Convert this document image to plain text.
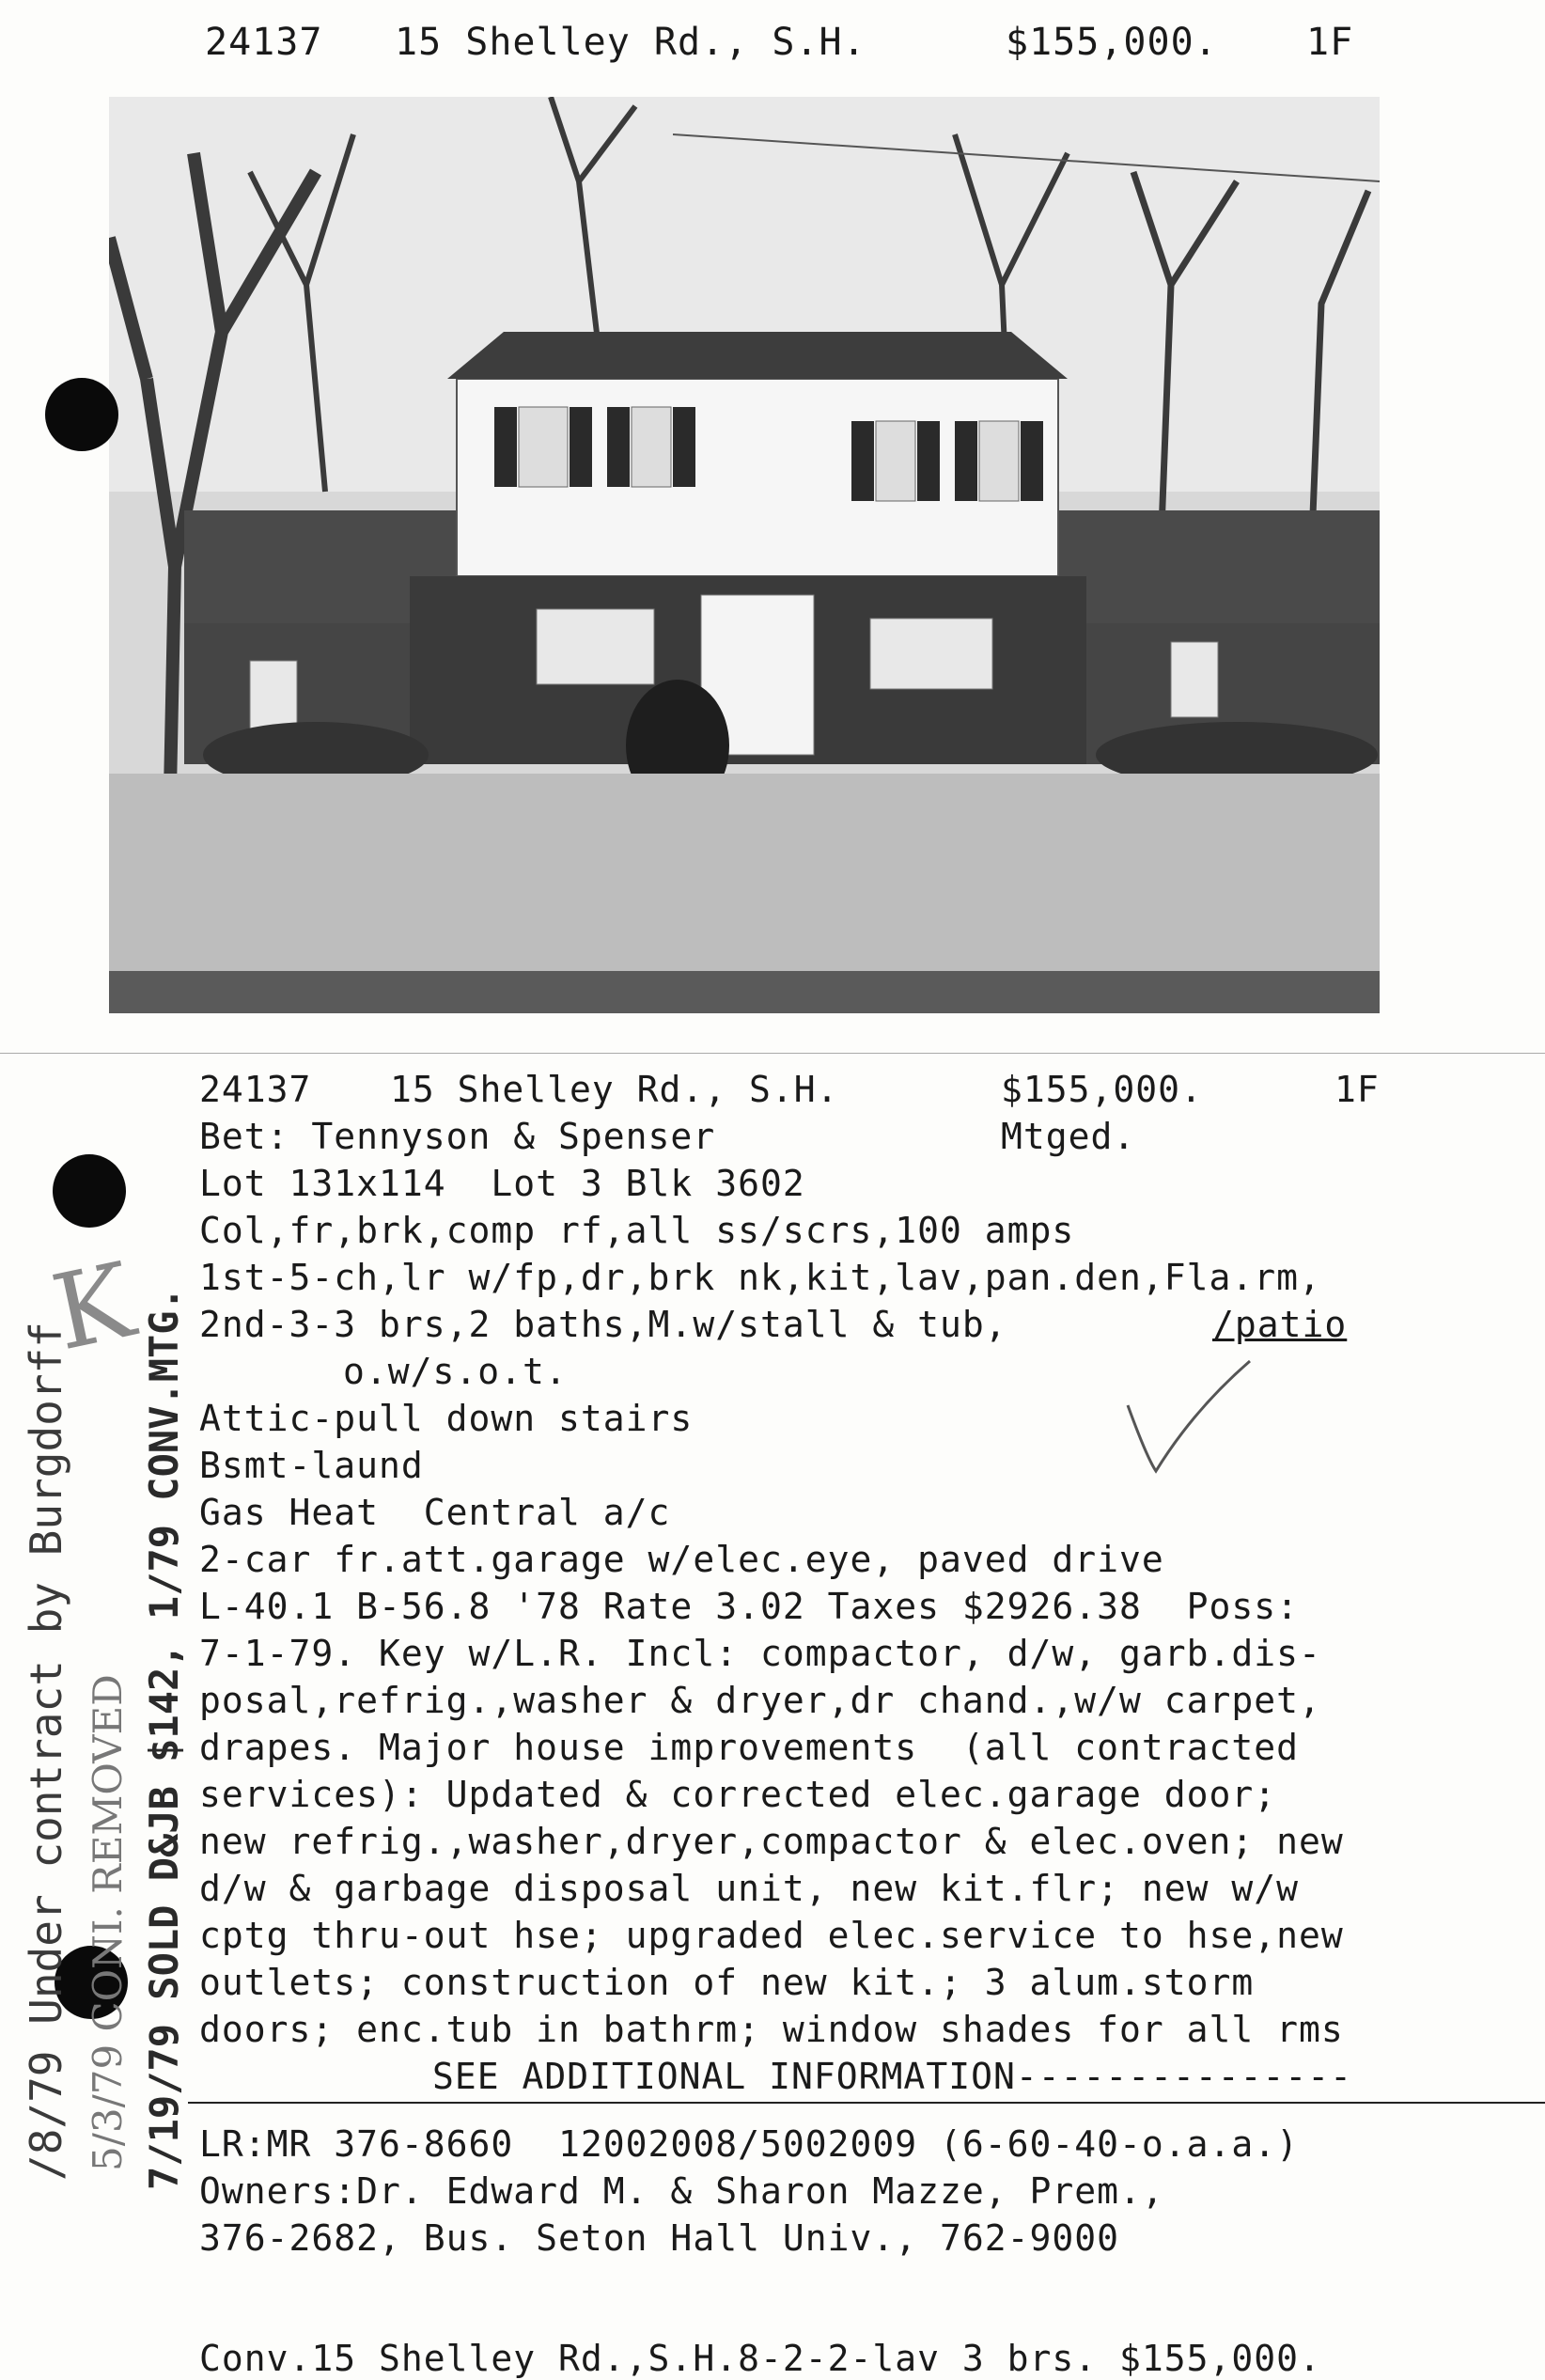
24137 15 Shelley Rd., S.H.	$155,000. 1F
24137 15 Shelley Rd., S.H.	$155,000.	1F
Bet: Tennyson & Spenser	Mtged.
Lot 131x114  Lot 3 Blk 3602
Col,fr,brk,comp rf,all ss/scrs,100 amps
1st-5-ch,lr w/fp,dr,brk nk,kit,lav,pan.den,Fla.rm,
2nd-3-3 brs,2 baths,M.w/stall & tub,	/patio
o.w/s.o.t.
Attic-pull down stairs
Bsmt-laund
Gas Heat  Central a/c
2-car fr.att.garage w/elec.eye, paved drive
L-40.1 B-56.8 '78 Rate 3.02 Taxes $2926.38  Poss:
7-1-79. Key w/L.R. Incl: compactor, d/w, garb.dis-
posal,refrig.,washer & dryer,dr chand.,w/w carpet,
drapes. Major house improvements  (all contracted
services): Updated & corrected elec.garage door;
new refrig.,washer,dryer,compactor & elec.oven; new
d/w & garbage disposal unit, new kit.flr; new w/w
cptg thru-out hse; upgraded elec.service to hse,new
outlets; construction of new kit.; 3 alum.storm
doors; enc.tub in bathrm; window shades for all rms
SEE ADDITIONAL INFORMATION---------------
LR:MR 376-8660  12002008/5002009 (6-60-40-o.a.a.)
Owners:Dr. Edward M. & Sharon Mazze, Prem.,
376-2682, Bus. Seton Hall Univ., 762-9000
Conv.15 Shelley Rd.,S.H.8-2-2-lav 3 brs. $155,000.
/8/79 Under contract by Burgdorff 5/3/79 CONI. REMOVED 7/19/79 SOLD D&JB $142, 1/79 CONV.MTG.
K
